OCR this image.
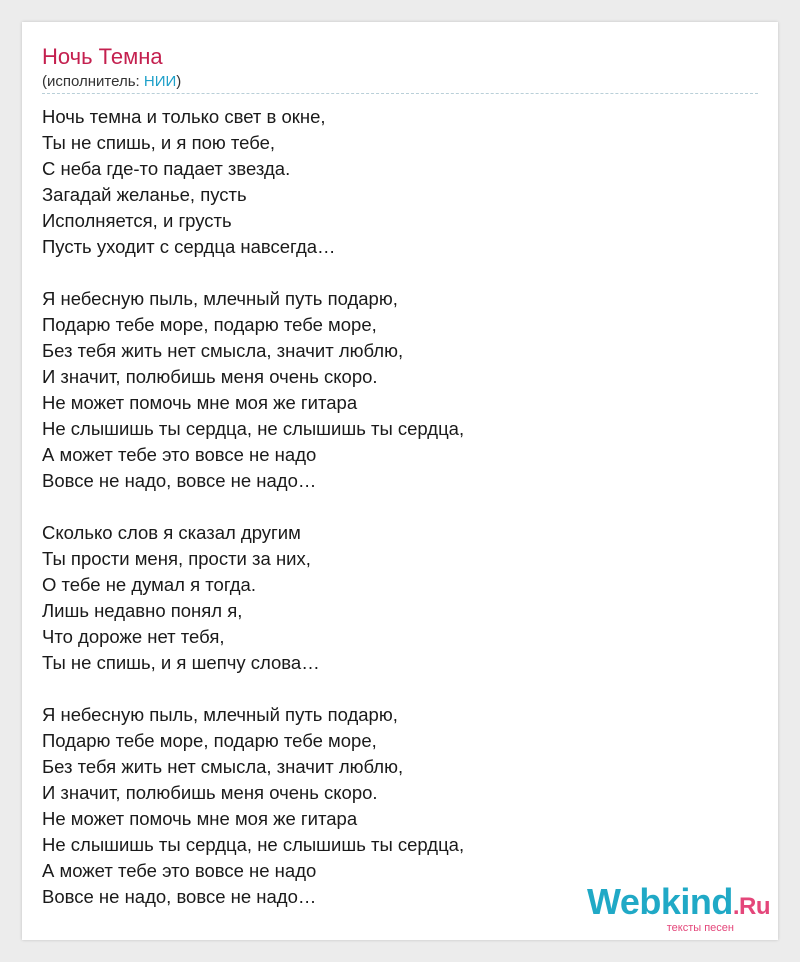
Ночь Темна
(исполнитель: НИИ)
Ночь темна и только свет в окне,
Ты не спишь, и я пою тебе,
С неба где-то падает звезда.
Загадай желанье, пусть
Исполняется, и грусть
Пусть уходит с сердца навсегда…
Я небесную пыль, млечный путь подарю,
Подарю тебе море, подарю тебе море,
Без тебя жить нет смысла, значит люблю,
И значит, полюбишь меня очень скоро.
Не может помочь мне моя же гитара
Не слышишь ты сердца, не слышишь ты сердца,
А может тебе это вовсе не надо
Вовсе не надо, вовсе не надо…
Сколько слов я сказал другим
Ты прости меня, прости за них,
О тебе не думал я тогда.
Лишь недавно понял я,
Что дороже нет тебя,
Ты не спишь, и я шепчу слова…
Я небесную пыль, млечный путь подарю,
Подарю тебе море, подарю тебе море,
Без тебя жить нет смысла, значит люблю,
И значит, полюбишь меня очень скоро.
Не может помочь мне моя же гитара
Не слышишь ты сердца, не слышишь ты сердца,
А может тебе это вовсе не надо
Вовсе не надо, вовсе не надо…	Webkind.Ru
тексты песен
